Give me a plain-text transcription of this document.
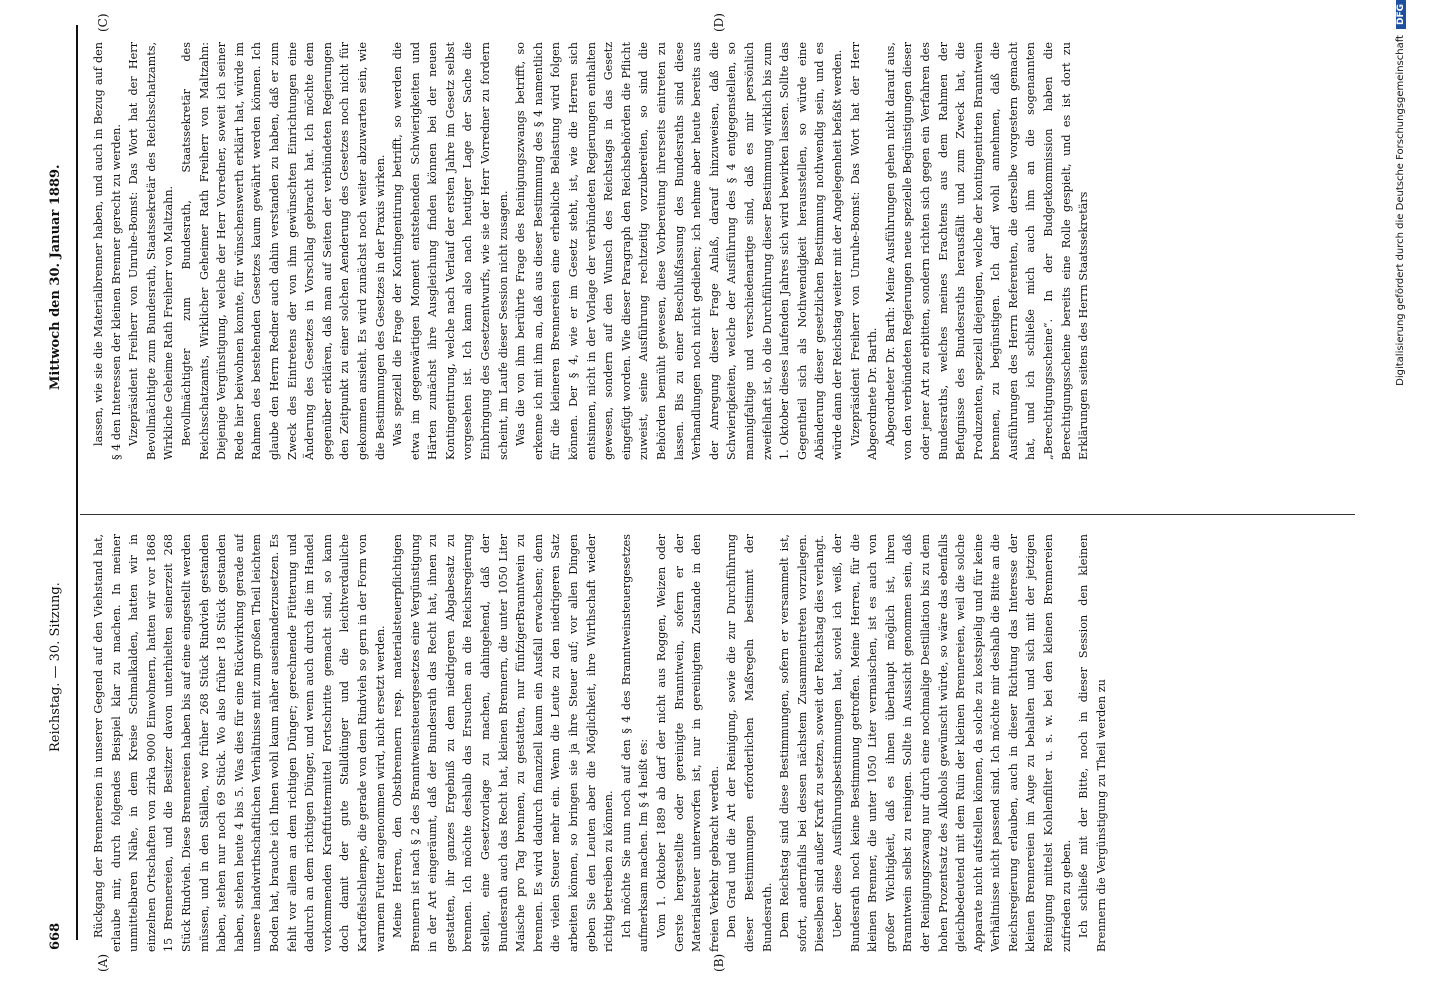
668
Reichstag. — 30. Sitzung.
Mittwoch den 30. Januar 1889.
(A)	(B)
(C)	(D)

Rückgang der Brennereien in unserer Gegend auf den Viehstand hat, erlaube mir, durch folgendes Beispiel klar zu machen. In meiner unmittelbaren Nähe, in dem Kreise Schmalkalden, hatten wir in einzelnen Ortschaften von zirka 9000 Einwohnern, hatten wir vor 1868 15 Brennereien, und die Besitzer davon unterhielten seinerzeit 268 Stück Rindvieh. Diese Brennereien haben bis auf eine eingestellt werden müssen, und in den Ställen, wo früher 268 Stück Rindvieh gestanden haben, stehen nur noch 69 Stück. Wo also früher 18 Stück gestanden haben, stehen heute 4 bis 5. Was dies für eine Rückwirkung gerade auf unsere landwirthschaftlichen Verhältnisse mit zum großen Theil leichtem Boden hat, brauche ich Ihnen wohl kaum näher auseinanderzusetzen. Es fehlt vor allem an dem richtigen Dünger; gerechnende Fütterung und dadurch an dem richtigen Dünger, und wenn auch durch die im Handel vorkommenden Kraftfuttermittel Fortschritte gemacht sind, so kann doch damit der gute Stalldünger und die leichtverdauliche Kartoffelschlempe, die gerade von dem Rindvieh so gern in der Form von warmem Futter angenommen wird, nicht ersetzt werden. Meine Herren, den Obstbrennern resp. materialsteuerpflichtigen Brennern ist nach § 2 des Branntweinsteuergesetzes eine Vergünstigung in der Art eingeräumt, daß der Bundesrath das Recht hat, ihnen zu gestatten, ihr ganzes Ergebniß zu dem niedrigeren Abgabesatz zu brennen. Ich möchte deshalb das Ersuchen an die Reichsregierung stellen, eine Gesetzvorlage zu machen, dahingehend, daß der Bundesrath auch das Recht hat, kleinen Brennern, die unter 1050 Liter Maische pro Tag brennen, zu gestatten, nur fünfzigerBranntwein zu brennen. Es wird dadurch finanziell kaum ein Ausfall erwachsen; denn die vielen Steuer mehr ein. Wenn die Leute zu den niedrigeren Satz arbeiten können, so bringen sie ja ihre Steuer auf; vor allen Dingen geben Sie den Leuten aber die Möglichkeit, ihre Wirthschaft wieder richtig betreiben zu können. Ich möchte Sie nun noch auf den § 4 des Branntweinsteuergesetzes aufmerksam machen. Im § 4 heißt es: Vom 1. Oktober 1889 ab darf der nicht aus Roggen, Weizen oder Gerste hergestellte oder gereinigte Branntwein, sofern er der Materialsteuer unterworfen ist, nur in gereinigtem Zustande in den freien Verkehr gebracht werden. Den Grad und die Art der Reinigung, sowie die zur Durchführung dieser Bestimmungen erforderlichen Maßregeln bestimmt der Bundesrath. Dem Reichstag sind diese Bestimmungen, sofern er versammelt ist, sofort, andernfalls bei dessen nächstem Zusammentreten vorzulegen. Dieselben sind außer Kraft zu setzen, soweit der Reichstag dies verlangt. Ueber diese Ausführungsbestimmungen hat, soviel ich weiß, der Bundesrath noch keine Bestimmung getroffen. Meine Herren, für die kleinen Brenner, die unter 1050 Liter vermaischen, ist es auch von großer Wichtigkeit, daß es ihnen überhaupt möglich ist, ihren Branntwein selbst zu reinigen. Sollte in Aussicht genommen sein, daß der Reinigungszwang nur durch eine nochmalige Destillation bis zu dem hohen Prozentsatz des Alkohols gewünscht würde, so wäre das ebenfalls gleichbedeutend mit dem Ruin der kleinen Brennereien, weil die solche Apparate nicht aufstellen können, da solche zu kostspielig und für keine Verhältnisse nicht passend sind. Ich möchte mir deshalb die Bitte an die Reichsregierung erlauben, auch in dieser Richtung das Interesse der kleinen Brennereien im Auge zu behalten und sich mit der jetzigen Reinigung mittelst Kohlenfilter u. s. w. bei den kleinen Brennereien zufrieden zu geben. Ich schließe mit der Bitte, noch in dieser Session den kleinen Brennern die Vergünstigung zu Theil werden zu

lassen, wie sie die Materialbrenner haben, und auch in Bezug auf den § 4 den Interessen der kleinen Brenner gerecht zu werden. Vizepräsident Freiherr von Unruhe-Bomst: Das Wort hat der Herr Bevollmächtigte zum Bundesrath, Staatssekretär des Reichsschatzamts, Wirkliche Geheime Rath Freiherr von Maltzahn. Bevollmächtigter zum Bundesrath, Staatssekretär des Reichsschatzamts, Wirklicher Geheimer Rath Freiherr von Maltzahn: Diejenige Vergünstigung, welche der Herr Vorredner, soweit ich seiner Rede hier beiwohnen konnte, für wünschenswerth erklärt hat, würde im Rahmen des bestehenden Gesetzes kaum gewährt werden können. Ich glaube den Herrn Redner auch dahin verstanden zu haben, daß er zum Zweck des Eintretens der von ihm gewünschten Einrichtungen eine Änderung des Gesetzes in Vorschlag gebracht hat. Ich möchte dem gegenüber erklären, daß man auf Seiten der verbündeten Regierungen den Zeitpunkt zu einer solchen Aenderung des Gesetzes noch nicht für gekommen ansieht. Es wird zunächst noch weiter abzuwarten sein, wie die Bestimmungen des Gesetzes in der Praxis wirken. Was speziell die Frage der Kontingentirung betrifft, so werden die etwa im gegenwärtigen Moment entstehenden Schwierigkeiten und Härten zunächst ihre Ausgleichung finden können bei der neuen Kontingentirung, welche nach Verlauf der ersten Jahre im Gesetz selbst vorgesehen ist. Ich kann also nach heutiger Lage der Sache die Einbringung des Gesetzentwurfs, wie sie der Herr Vorredner zu fordern scheint, im Laufe dieser Session nicht zusagen. Was die von ihm berührte Frage des Reinigungszwangs betrifft, so erkenne ich mit ihm an, daß aus dieser Bestimmung des § 4 namentlich für die kleineren Brennereien eine erhebliche Belastung wird folgen können. Der § 4, wie er im Gesetz steht, ist, wie die Herren sich entsinnen, nicht in der Vorlage der verbündeten Regierungen enthalten gewesen, sondern auf den Wunsch des Reichstags in das Gesetz eingefügt worden. Wie dieser Paragraph den Reichsbehörden die Pflicht zuweist, seine Ausführung rechtzeitig vorzubereiten, so sind die Behörden bemüht gewesen, diese Vorbereitung ihrerseits eintreten zu lassen. Bis zu einer Beschlußfassung des Bundesraths sind diese Verhandlungen noch nicht gediehen; ich nehme aber heute bereits aus der Anregung dieser Frage Anlaß, darauf hinzuweisen, daß die Schwierigkeiten, welche der Ausführung des § 4 entgegenstellen, so mannigfaltige und verschiedenartige sind, daß es mir persönlich zweifelhaft ist, ob die Durchführung dieser Bestimmung wirklich bis zum 1. Oktober dieses laufenden Jahres sich wird bewirken lassen. Sollte das Gegentheil sich als Nothwendigkeit herausstellen, so würde eine Abänderung dieser gesetzlichen Bestimmung nothwendig sein, und es würde dann der Reichstag weiter mit der Angelegenheit befaßt werden. Vizepräsident Freiherr von Unruhe-Bomst: Das Wort hat der Herr Abgeordnete Dr. Barth. Abgeordneter Dr. Barth: Meine Ausführungen gehen nicht darauf aus, von den verbündeten Regierungen neue spezielle Begünstigungen dieser oder jener Art zu erbitten, sondern richten sich gegen ein Verfahren des Bundesraths, welches meines Erachtens aus dem Rahmen der Befugnisse des Bundesraths herausfällt und zum Zweck hat, die Produzenten, speziell diejenigen, welche der kontingentirten Branntwein brennen, zu begünstigen. Ich darf wohl annehmen, daß die Ausführungen des Herrn Referenten, die derselbe vorgestern gemacht hat, und ich schließe mich auch ihm an die sogenannten „Berechtigungsscheine“. In der Budgetkommission haben die Berechtigungsscheine bereits eine Rolle gespielt, und es ist dort zu Erklärungen seitens des Herrn Staatssekretärs	Digitalisierung gefördert durch die Deutsche ForschungsgemeinschaftDFG
